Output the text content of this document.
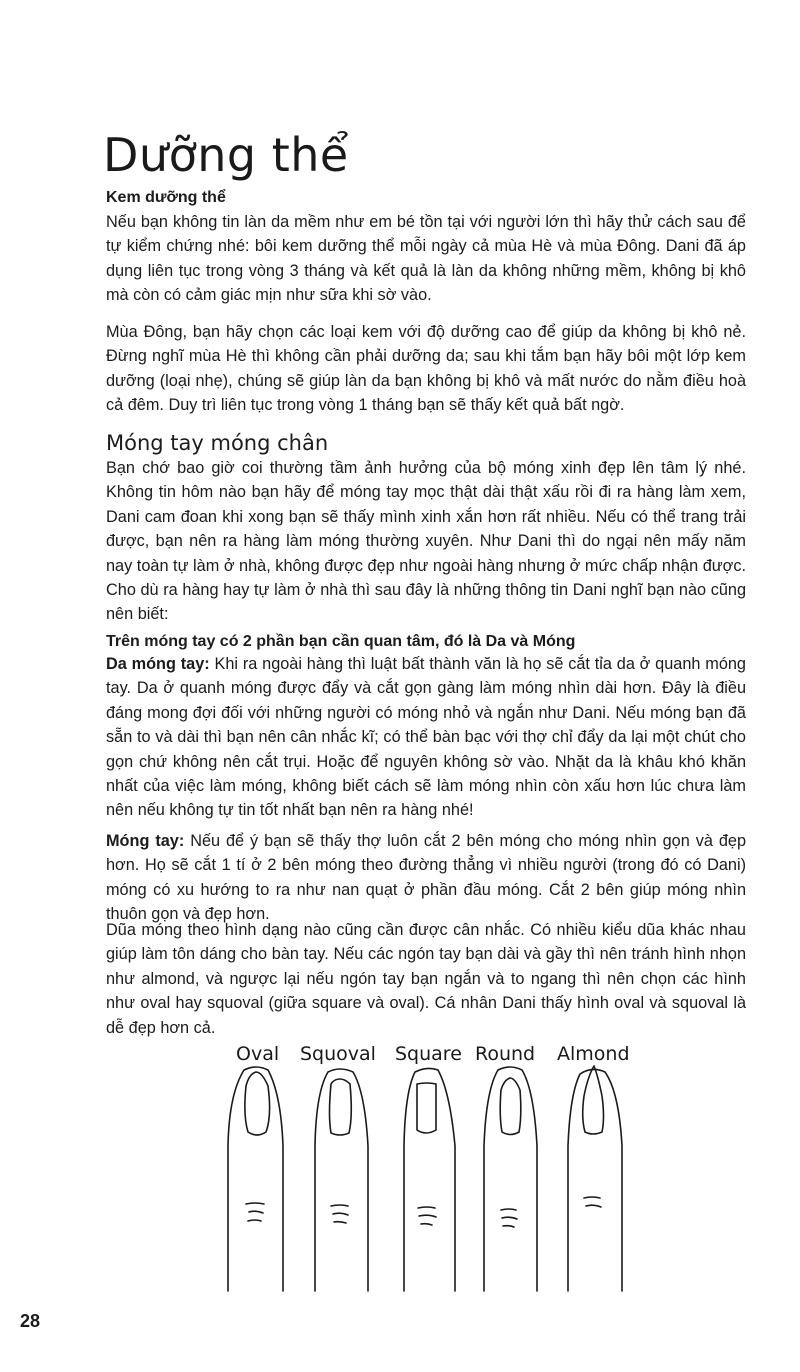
Dưỡng thể
Kem dưỡng thể

Nếu bạn không tin làn da mềm như em bé tồn tại với người lớn thì hãy thử cách sau để tự kiểm chứng nhé: bôi kem dưỡng thể mỗi ngày cả mùa Hè và mùa Đông. Dani đã áp dụng liên tục trong vòng 3 tháng và kết quả là làn da không những mềm, không bị khô mà còn có cảm giác mịn như sữa khi sờ vào.

Mùa Đông, bạn hãy chọn các loại kem với độ dưỡng cao để giúp da không bị khô nẻ. Đừng nghĩ mùa Hè thì không cần phải dưỡng da; sau khi tắm bạn hãy bôi một lớp kem dưỡng (loại nhẹ), chúng sẽ giúp làn da bạn không bị khô và mất nước do nằm điều hoà cả đêm. Duy trì liên tục trong vòng 1 tháng bạn sẽ thấy kết quả bất ngờ.

Móng tay móng chân

Bạn chớ bao giờ coi thường tầm ảnh hưởng của bộ móng xinh đẹp lên tâm lý nhé. Không tin hôm nào bạn hãy để móng tay mọc thật dài thật xấu rồi đi ra hàng làm xem, Dani cam đoan khi xong bạn sẽ thấy mình xinh xắn hơn rất nhiều. Nếu có thể trang trải được, bạn nên ra hàng làm móng thường xuyên. Như Dani thì do ngại nên mấy năm nay toàn tự làm ở nhà, không được đẹp như ngoài hàng nhưng ở mức chấp nhận được. Cho dù ra hàng hay tự làm ở nhà thì sau đây là những thông tin Dani nghĩ bạn nào cũng nên biết:

Trên móng tay có 2 phần bạn cần quan tâm, đó là Da và Móng

Da móng tay: Khi ra ngoài hàng thì luật bất thành văn là họ sẽ cắt tỉa da ở quanh móng tay. Da ở quanh móng được đẩy và cắt gọn gàng làm móng nhìn dài hơn. Đây là điều đáng mong đợi đối với những người có móng nhỏ và ngắn như Dani. Nếu móng bạn đã sẵn to và dài thì bạn nên cân nhắc kĩ; có thể bàn bạc với thợ chỉ đẩy da lại một chút cho gọn chứ không nên cắt trụi. Hoặc để nguyên không sờ vào. Nhặt da là khâu khó khăn nhất của việc làm móng, không biết cách sẽ làm móng nhìn còn xấu hơn lúc chưa làm nên nếu không tự tin tốt nhất bạn nên ra hàng nhé!

Móng tay: Nếu để ý bạn sẽ thấy thợ luôn cắt 2 bên móng cho móng nhìn gọn và đẹp hơn. Họ sẽ cắt 1 tí ở 2 bên móng theo đường thẳng vì nhiều người (trong đó có Dani) móng có xu hướng to ra như nan quạt ở phần đầu móng. Cắt 2 bên giúp móng nhìn thuôn gọn và đẹp hơn.

Dũa móng theo hình dạng nào cũng cần được cân nhắc. Có nhiều kiểu dũa khác nhau giúp làm tôn dáng cho bàn tay. Nếu các ngón tay bạn dài và gầy thì nên tránh hình nhọn như almond, và ngược lại nếu ngón tay bạn ngắn và to ngang thì nên chọn các hình như oval hay squoval (giữa square và oval). Cá nhân Dani thấy hình oval và squoval là dễ đẹp hơn cả.

Oval Squoval Square Round Almond
28
